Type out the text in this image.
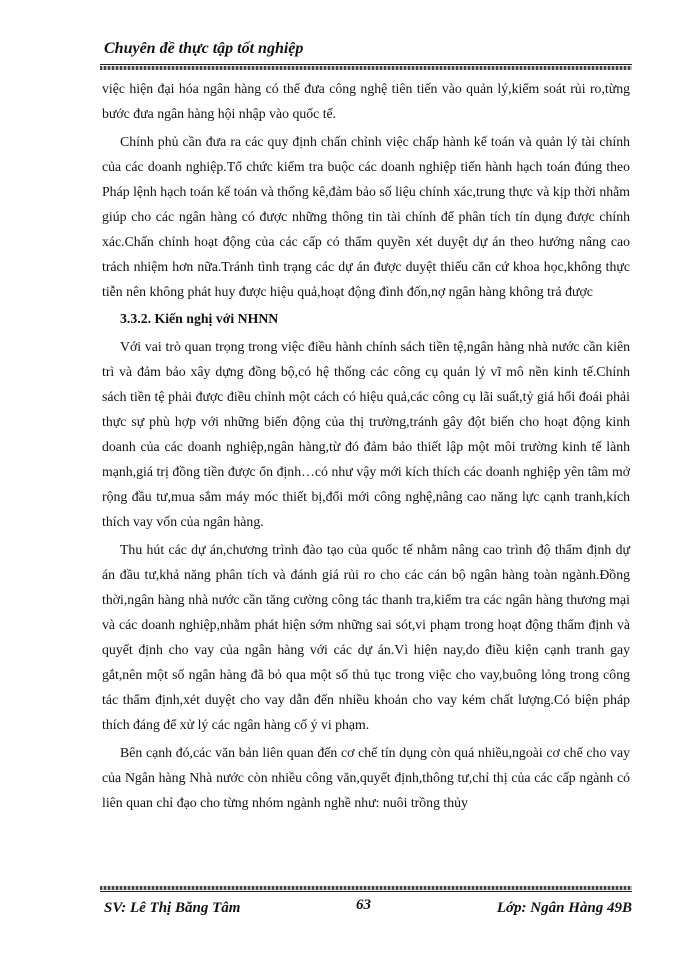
Chuyên đề thực tập tốt nghiệp

việc hiện đại hóa ngân hàng có thể đưa công nghệ tiên tiến vào quản lý,kiểm soát rủi ro,từng bước đưa ngân hàng hội nhập vào quốc tế.

Chính phủ cần đưa ra các quy định chấn chỉnh việc chấp hành kế toán và quản lý tài chính của các doanh nghiệp.Tổ chức kiểm tra buộc các doanh nghiệp tiến hành hạch toán đúng theo Pháp lệnh hạch toán kế toán và thống kê,đảm bảo số liệu chính xác,trung thực và kịp thời nhằm giúp cho các ngân hàng có được những thông tin tài chính để phân tích tín dụng được chính xác.Chấn chỉnh hoạt động của các cấp có thẩm quyền xét duyệt dự án theo hướng nâng cao trách nhiệm hơn nữa.Tránh tình trạng các dự án được duyệt thiếu căn cứ khoa học,không thực tiễn nên không phát huy được hiệu quả,hoạt động đình đốn,nợ ngân hàng không trả được

3.3.2. Kiến nghị với NHNN

Với vai trò quan trọng trong việc điều hành chính sách tiền tệ,ngân hàng nhà nước cần kiên trì và đảm bảo xây dựng đồng bộ,có hệ thống các công cụ quản lý vĩ mô nền kinh tế.Chính sách tiền tệ phải được điều chỉnh một cách có hiệu quả,các công cụ lãi suất,tỷ giá hối đoái phải thực sự phù hợp với những biến động của thị trường,tránh gây đột biến cho hoạt động kinh doanh của các doanh nghiệp,ngân hàng,từ đó đảm bảo thiết lập một môi trường kinh tế lành mạnh,giá trị đồng tiền được ổn định…có như vậy mới kích thích các doanh nghiệp yên tâm mở rộng đầu tư,mua sắm máy móc thiết bị,đổi mới công nghệ,nâng cao năng lực cạnh tranh,kích thích vay vốn của ngân hàng.

Thu hút các dự án,chương trình đào tạo của quốc tế nhằm nâng cao trình độ thẩm định dự án đầu tư,khả năng phân tích và đánh giá rủi ro cho các cán bộ ngân hàng toàn ngành.Đồng thời,ngân hàng nhà nước cần tăng cường công tác thanh tra,kiểm tra các ngân hàng thương mại và các doanh nghiệp,nhằm phát hiện sớm những sai sót,vi phạm trong hoạt động thẩm định và quyết định cho vay của ngân hàng với các dự án.Vì hiện nay,do điều kiện cạnh tranh gay gắt,nên một số ngân hàng đã bỏ qua một số thủ tục trong việc cho vay,buông lỏng trong công tác thẩm định,xét duyệt cho vay dẫn đến nhiều khoản cho vay kém chất lượng.Có biện pháp thích đáng để xử lý các ngân hàng cố ý vi phạm.

Bên cạnh đó,các văn bản liên quan đến cơ chế tín dụng còn quá nhiều,ngoài cơ chế cho vay của Ngân hàng Nhà nước còn nhiều công văn,quyết định,thông tư,chỉ thị của các cấp ngành có liên quan chỉ đạo cho từng nhóm ngành nghề như: nuôi trồng thủy

SV: Lê Thị Băng Tâm	63	Lớp: Ngân Hàng 49B
